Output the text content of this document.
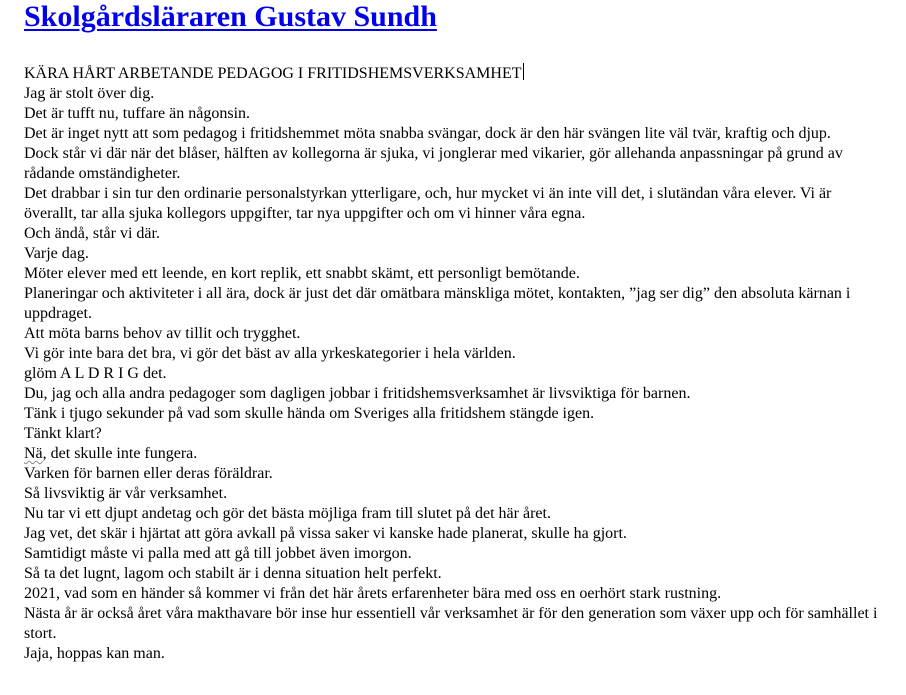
Skolgårdsläraren Gustav Sundh

KÄRA HÅRT ARBETANDE PEDAGOG I FRITIDSHEMSVERKSAMHET

Jag är stolt över dig.

Det är tufft nu, tuffare än någonsin.

Det är inget nytt att som pedagog i fritidshemmet möta snabba svängar, dock är den här svängen lite väl tvär, kraftig och djup.

Dock står vi där när det blåser, hälften av kollegorna är sjuka, vi jonglerar med vikarier, gör allehanda anpassningar på grund av rådande omständigheter.

Det drabbar i sin tur den ordinarie personalstyrkan ytterligare, och, hur mycket vi än inte vill det, i slutändan våra elever. Vi är överallt, tar alla sjuka kollegors uppgifter, tar nya uppgifter och om vi hinner våra egna.

Och ändå, står vi där.

Varje dag.

Möter elever med ett leende, en kort replik, ett snabbt skämt, ett personligt bemötande.

Planeringar och aktiviteter i all ära, dock är just det där omätbara mänskliga mötet, kontakten, ”jag ser dig” den absoluta kärnan i uppdraget.

Att möta barns behov av tillit och trygghet.

Vi gör inte bara det bra, vi gör det bäst av alla yrkeskategorier i hela världen.

glöm A L D R I G det.

Du, jag och alla andra pedagoger som dagligen jobbar i fritidshemsverksamhet är livsviktiga för barnen.

Tänk i tjugo sekunder på vad som skulle hända om Sveriges alla fritidshem stängde igen.

Tänkt klart?

Nä, det skulle inte fungera.

Varken för barnen eller deras föräldrar.

Så livsviktig är vår verksamhet.

Nu tar vi ett djupt andetag och gör det bästa möjliga fram till slutet på det här året.

Jag vet, det skär i hjärtat att göra avkall på vissa saker vi kanske hade planerat, skulle ha gjort.

Samtidigt måste vi palla med att gå till jobbet även imorgon.

Så ta det lugnt, lagom och stabilt är i denna situation helt perfekt.

2021, vad som en händer så kommer vi från det här årets erfarenheter bära med oss en oerhört stark rustning.

Nästa år är också året våra makthavare bör inse hur essentiell vår verksamhet är för den generation som växer upp och för samhället i stort.

Jaja, hoppas kan man.
